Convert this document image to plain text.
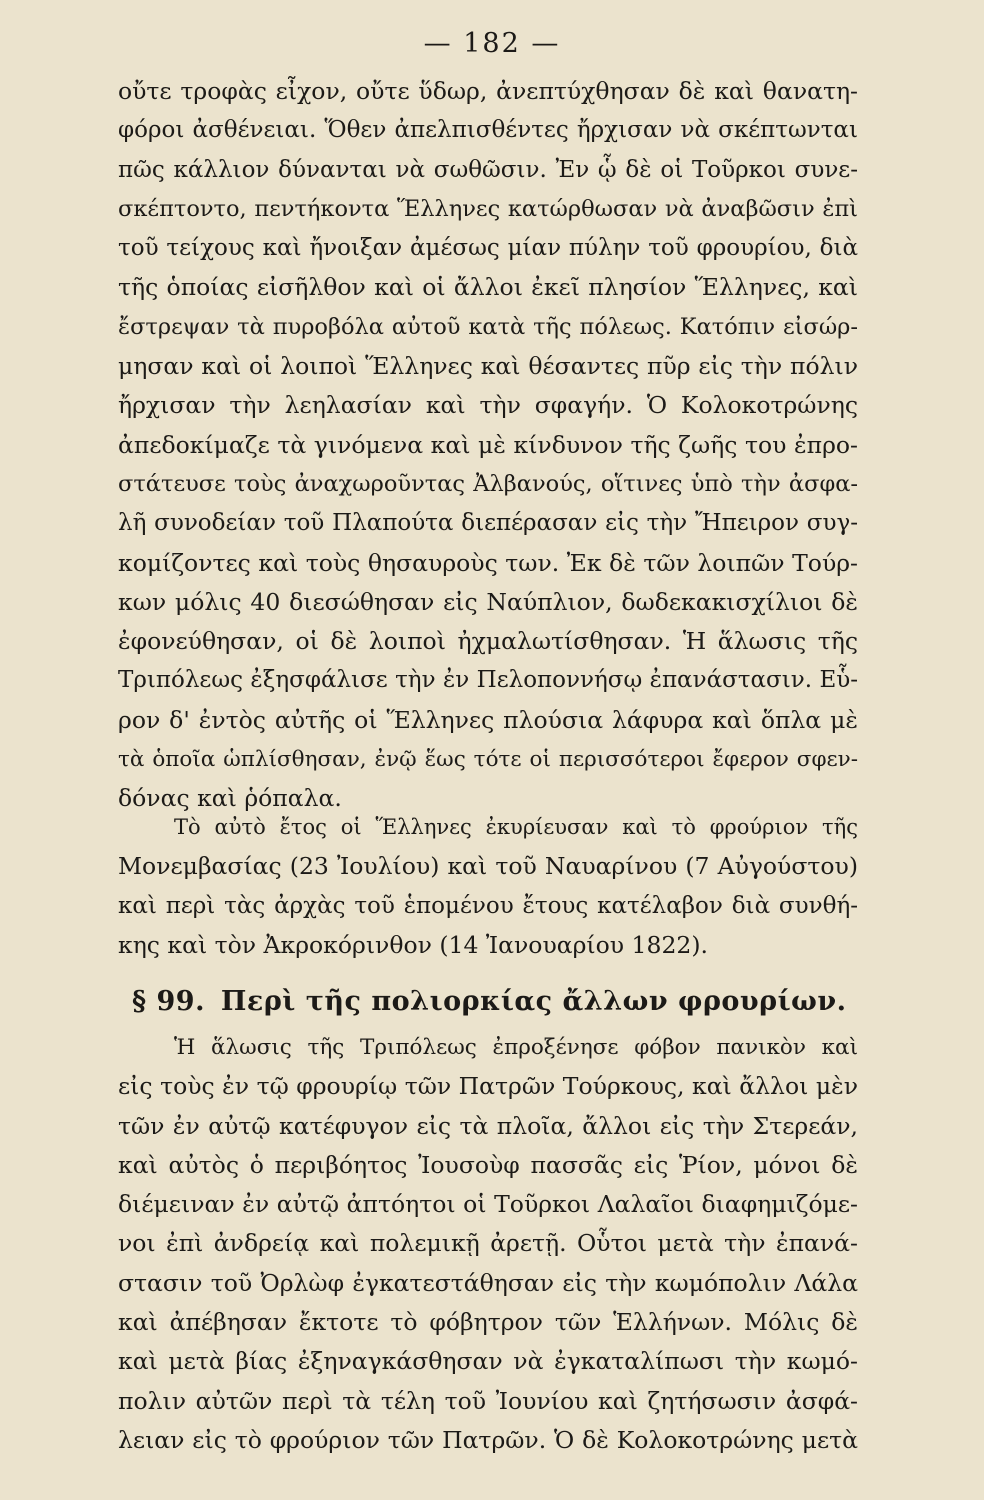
— 182 —
οὔτε τροφὰς εἶχον, οὔτε ὕδωρ, ἀνεπτύχθησαν δὲ καὶ θανατη-
φόροι ἀσθένειαι. Ὅθεν ἀπελπισθέντες ἤρχισαν νὰ σκέπτωνται
πῶς κάλλιον δύνανται νὰ σωθῶσιν. Ἐν ᾧ δὲ οἱ Τοῦρκοι συνε-
σκέπτοντο, πεντήκοντα Ἕλληνες κατώρθωσαν νὰ ἀναβῶσιν ἐπὶ
τοῦ τείχους καὶ ἤνοιξαν ἀμέσως μίαν πύλην τοῦ φρουρίου, διὰ
τῆς ὁποίας εἰσῆλθον καὶ οἱ ἄλλοι ἐκεῖ πλησίον Ἕλληνες, καὶ
ἔστρεψαν τὰ πυροβόλα αὐτοῦ κατὰ τῆς πόλεως. Κατόπιν εἰσώρ-
μησαν καὶ οἱ λοιποὶ Ἕλληνες καὶ θέσαντες πῦρ εἰς τὴν πόλιν
ἤρχισαν τὴν λεηλασίαν καὶ τὴν σφαγήν. Ὁ Κολοκοτρώνης
ἀπεδοκίμαζε τὰ γινόμενα καὶ μὲ κίνδυνον τῆς ζωῆς του ἐπρο-
στάτευσε τοὺς ἀναχωροῦντας Ἀλβανούς, οἵτινες ὑπὸ τὴν ἀσφα-
λῆ συνοδείαν τοῦ Πλαπούτα διεπέρασαν εἰς τὴν Ἤπειρον συγ-
κομίζοντες καὶ τοὺς θησαυροὺς των. Ἐκ δὲ τῶν λοιπῶν Τούρ-
κων μόλις 40 διεσώθησαν εἰς Ναύπλιον, δωδεκακισχίλιοι δὲ
ἐφονεύθησαν, οἱ δὲ λοιποὶ ἠχμαλωτίσθησαν. Ἡ ἅλωσις τῆς
Τριπόλεως ἐξησφάλισε τὴν ἐν Πελοποννήσῳ ἐπανάστασιν. Εὗ-
ρον δ' ἐντὸς αὐτῆς οἱ Ἕλληνες πλούσια λάφυρα καὶ ὅπλα μὲ
τὰ ὁποῖα ὡπλίσθησαν, ἐνῷ ἕως τότε οἱ περισσότεροι ἔφερον σφεν-
δόνας καὶ ῥόπαλα.
Τὸ αὐτὸ ἔτος οἱ Ἕλληνες ἐκυρίευσαν καὶ τὸ φρούριον τῆς
Μονεμβασίας (23 Ἰουλίου) καὶ τοῦ Ναυαρίνου (7 Αὐγούστου)
καὶ περὶ τὰς ἀρχὰς τοῦ ἑπομένου ἔτους κατέλαβον διὰ συνθή-
κης καὶ τὸν Ἀκροκόρινθον (14 Ἰανουαρίου 1822).
§ 99. Περὶ τῆς πολιορκίας ἄλλων φρουρίων.
Ἡ ἅλωσις τῆς Τριπόλεως ἐπροξένησε φόβον πανικὸν καὶ
εἰς τοὺς ἐν τῷ φρουρίῳ τῶν Πατρῶν Τούρκους, καὶ ἄλλοι μὲν
τῶν ἐν αὐτῷ κατέφυγον εἰς τὰ πλοῖα, ἄλλοι εἰς τὴν Στερεάν,
καὶ αὐτὸς ὁ περιβόητος Ἰουσοὺφ πασσᾶς εἰς Ῥίον, μόνοι δὲ
διέμειναν ἐν αὐτῷ ἀπτόητοι οἱ Τοῦρκοι Λαλαῖοι διαφημιζόμε-
νοι ἐπὶ ἀνδρείᾳ καὶ πολεμικῇ ἀρετῇ. Οὗτοι μετὰ τὴν ἐπανά-
στασιν τοῦ Ὀρλὼφ ἐγκατεστάθησαν εἰς τὴν κωμόπολιν Λάλα
καὶ ἀπέβησαν ἔκτοτε τὸ φόβητρον τῶν Ἑλλήνων. Μόλις δὲ
καὶ μετὰ βίας ἐξηναγκάσθησαν νὰ ἐγκαταλίπωσι τὴν κωμό-
πολιν αὐτῶν περὶ τὰ τέλη τοῦ Ἰουνίου καὶ ζητήσωσιν ἀσφά-
λειαν εἰς τὸ φρούριον τῶν Πατρῶν. Ὁ δὲ Κολοκοτρώνης μετὰ
